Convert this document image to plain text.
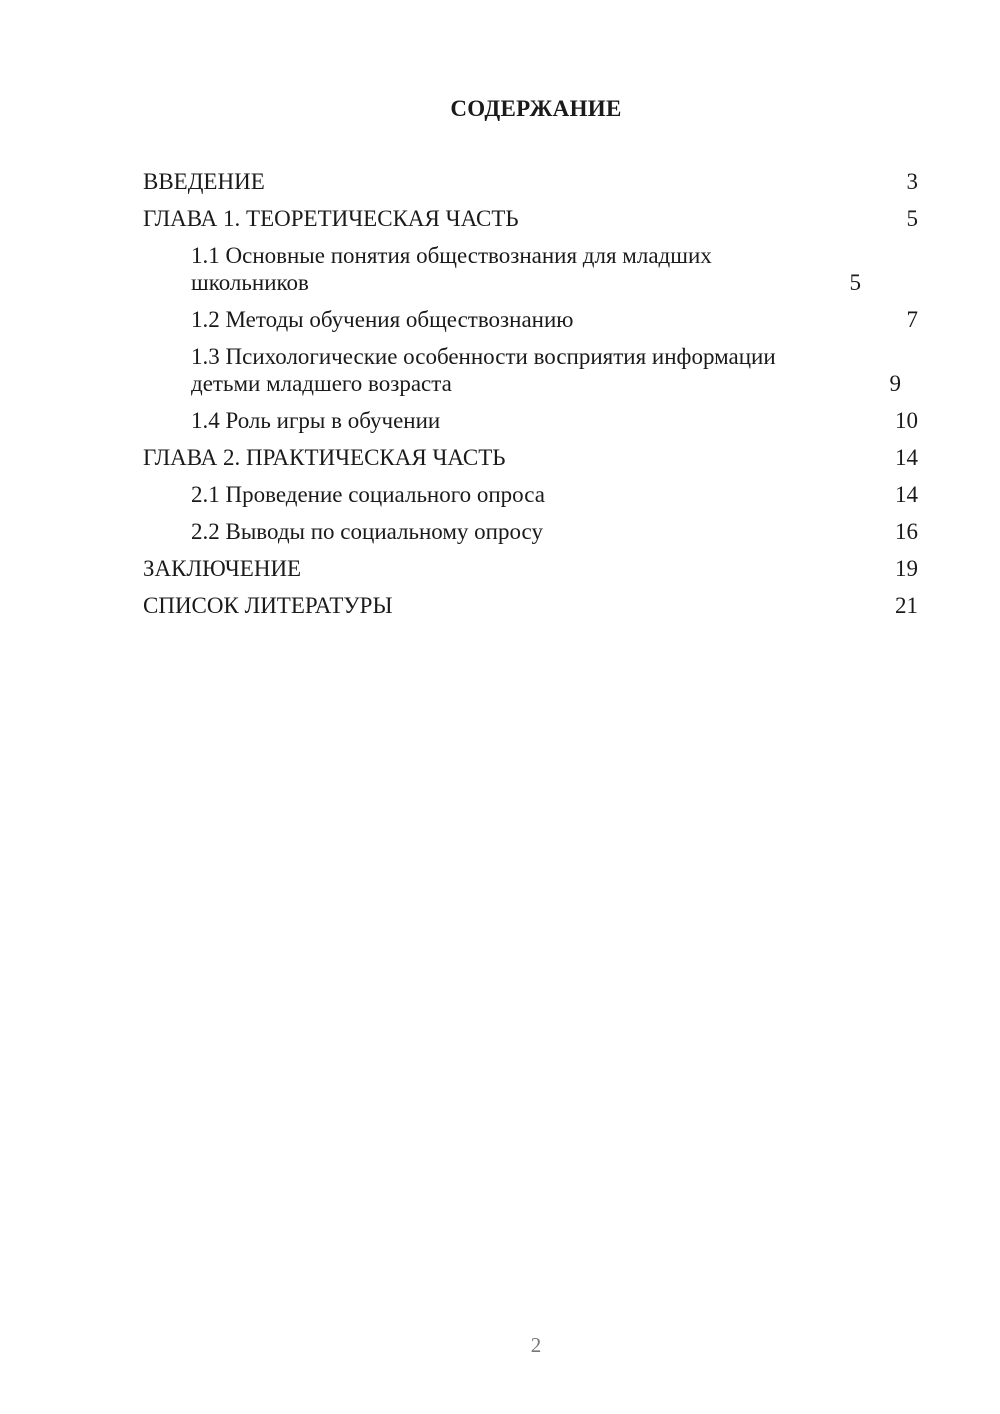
СОДЕРЖАНИЕ
ВВЕДЕНИЕ	3
ГЛАВА 1. ТЕОРЕТИЧЕСКАЯ ЧАСТЬ	5
1.1 Основные понятия обществознания для младших школьников	5
1.2 Методы обучения обществознанию	7
1.3 Психологические особенности восприятия информации детьми младшего возраста	9
1.4 Роль игры в обучении	10
ГЛАВА 2. ПРАКТИЧЕСКАЯ ЧАСТЬ	14
2.1 Проведение социального опроса	14
2.2 Выводы по социальному опросу	16
ЗАКЛЮЧЕНИЕ	19
СПИСОК ЛИТЕРАТУРЫ	21
2
